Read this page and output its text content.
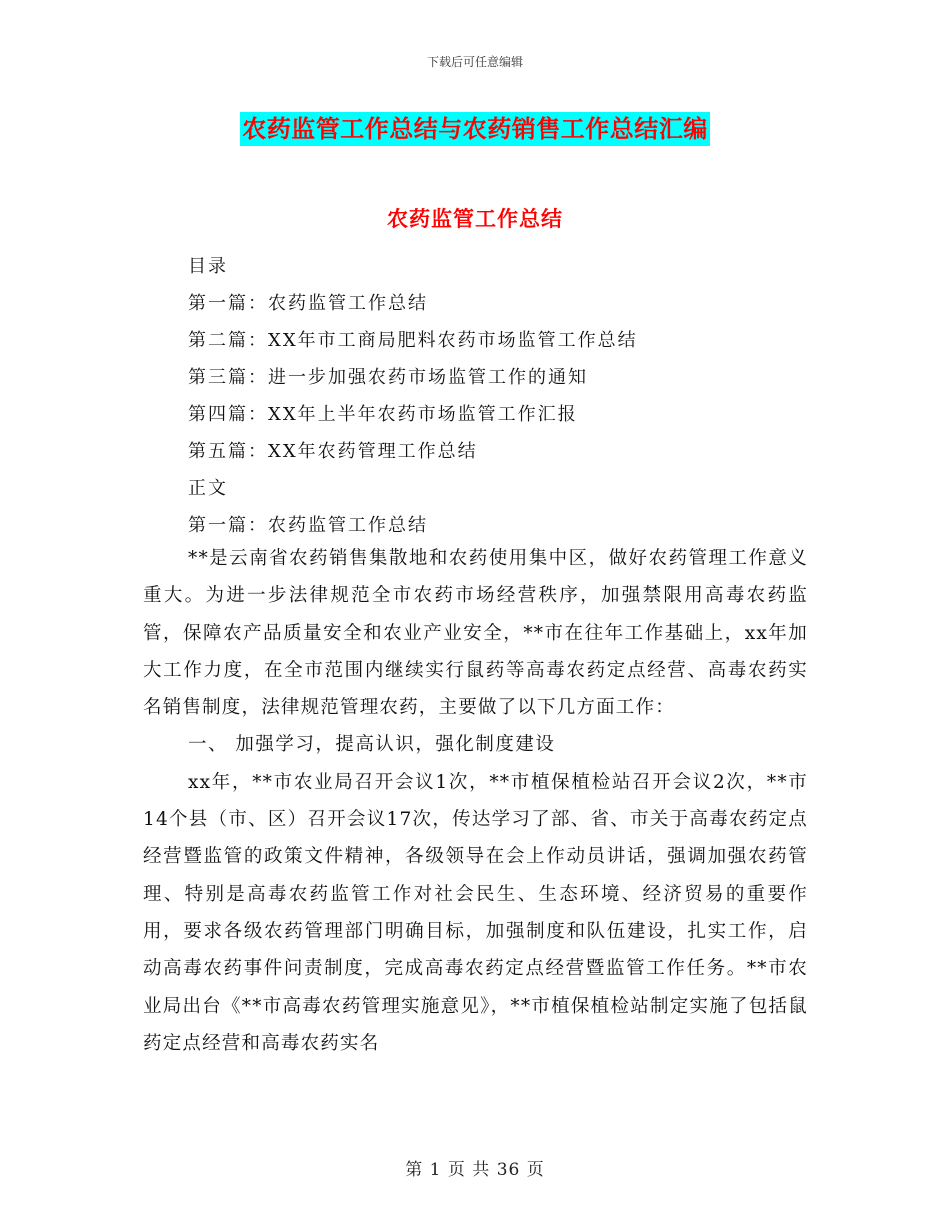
下载后可任意编辑
农药监管工作总结与农药销售工作总结汇编
农药监管工作总结
目录
第一篇：农药监管工作总结
第二篇：XX年市工商局肥料农药市场监管工作总结
第三篇：进一步加强农药市场监管工作的通知
第四篇：XX年上半年农药市场监管工作汇报
第五篇：XX年农药管理工作总结
正文
第一篇：农药监管工作总结

**是云南省农药销售集散地和农药使用集中区，做好农药管理工作意义重大。为进一步法律规范全市农药市场经营秩序，加强禁限用高毒农药监管，保障农产品质量安全和农业产业安全，**市在往年工作基础上，xx年加大工作力度，在全市范围内继续实行鼠药等高毒农药定点经营、高毒农药实名销售制度，法律规范管理农药，主要做了以下几方面工作：

一、 加强学习，提高认识，强化制度建设

xx年，**市农业局召开会议1次，**市植保植检站召开会议2次，**市14个县（市、区）召开会议17次，传达学习了部、省、市关于高毒农药定点经营暨监管的政策文件精神，各级领导在会上作动员讲话，强调加强农药管理、特别是高毒农药监管工作对社会民生、生态环境、经济贸易的重要作用，要求各级农药管理部门明确目标，加强制度和队伍建设，扎实工作，启动高毒农药事件问责制度，完成高毒农药定点经营暨监管工作任务。**市农业局出台《**市高毒农药管理实施意见》，**市植保植检站制定实施了包括鼠药定点经营和高毒农药实名

第 1 页 共 36 页
